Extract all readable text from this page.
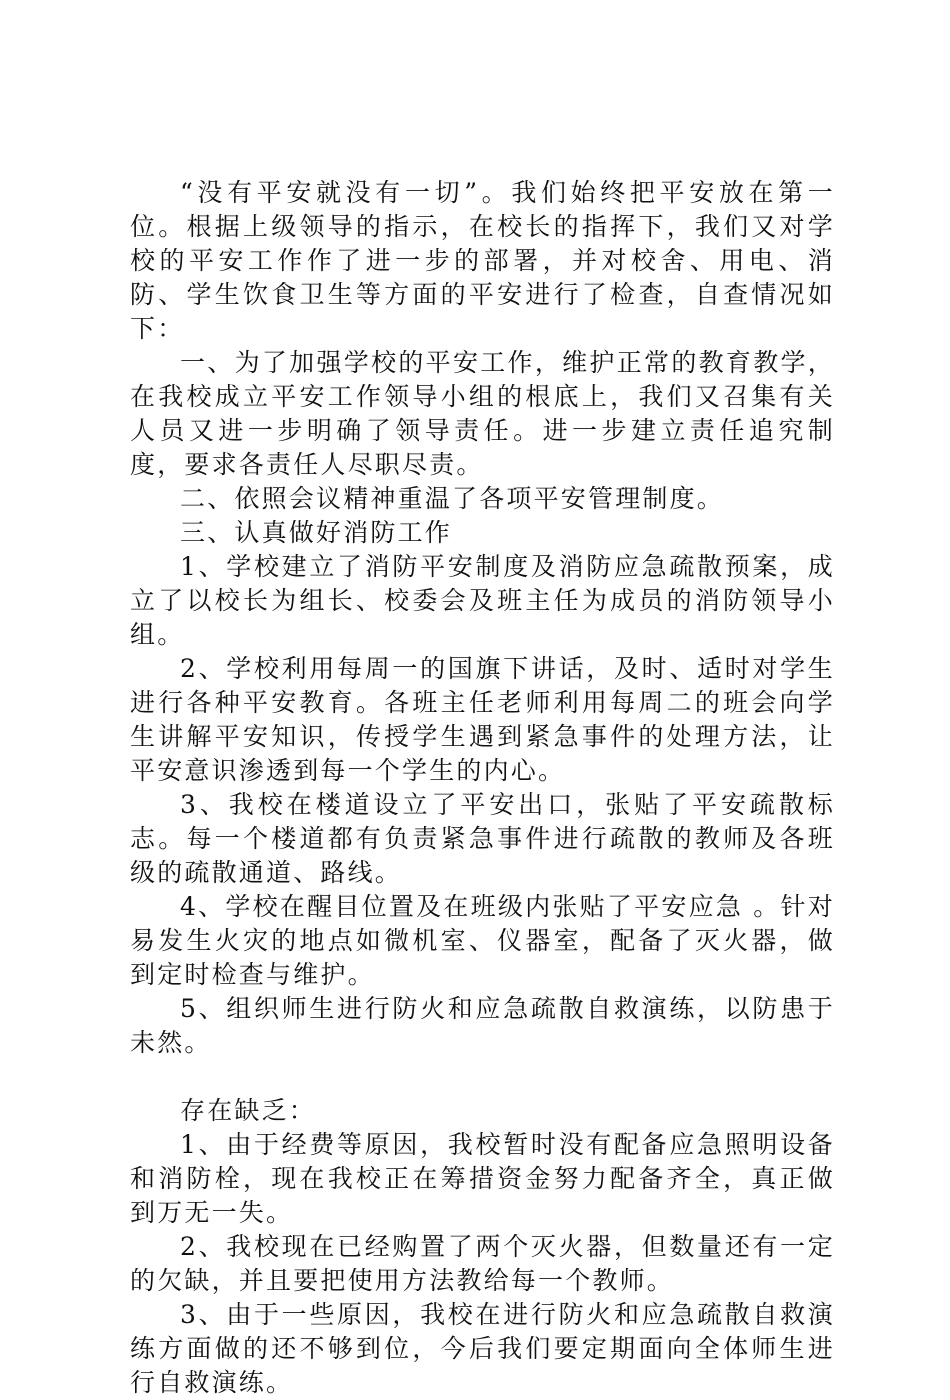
“没有平安就没有一切”。我们始终把平安放在第一位。根据上级领导的指示，在校长的指挥下，我们又对学校的平安工作作了进一步的部署，并对校舍、用电、消防、学生饮食卫生等方面的平安进行了检查，自查情况如下：

一、为了加强学校的平安工作，维护正常的教育教学，在我校成立平安工作领导小组的根底上，我们又召集有关人员又进一步明确了领导责任。进一步建立责任追究制度，要求各责任人尽职尽责。

二、依照会议精神重温了各项平安管理制度。

三、认真做好消防工作

1、学校建立了消防平安制度及消防应急疏散预案，成立了以校长为组长、校委会及班主任为成员的消防领导小组。

2、学校利用每周一的国旗下讲话，及时、适时对学生进行各种平安教育。各班主任老师利用每周二的班会向学生讲解平安知识，传授学生遇到紧急事件的处理方法，让平安意识渗透到每一个学生的内心。

3、我校在楼道设立了平安出口，张贴了平安疏散标志。每一个楼道都有负责紧急事件进行疏散的教师及各班级的疏散通道、路线。

4、学校在醒目位置及在班级内张贴了平安应急 。针对易发生火灾的地点如微机室、仪器室，配备了灭火器，做到定时检查与维护。

5、组织师生进行防火和应急疏散自救演练，以防患于未然。

存在缺乏：

1、由于经费等原因，我校暂时没有配备应急照明设备和消防栓，现在我校正在筹措资金努力配备齐全，真正做到万无一失。

2、我校现在已经购置了两个灭火器，但数量还有一定的欠缺，并且要把使用方法教给每一个教师。

3、由于一些原因，我校在进行防火和应急疏散自救演练方面做的还不够到位，今后我们要定期面向全体师生进行自救演练。
